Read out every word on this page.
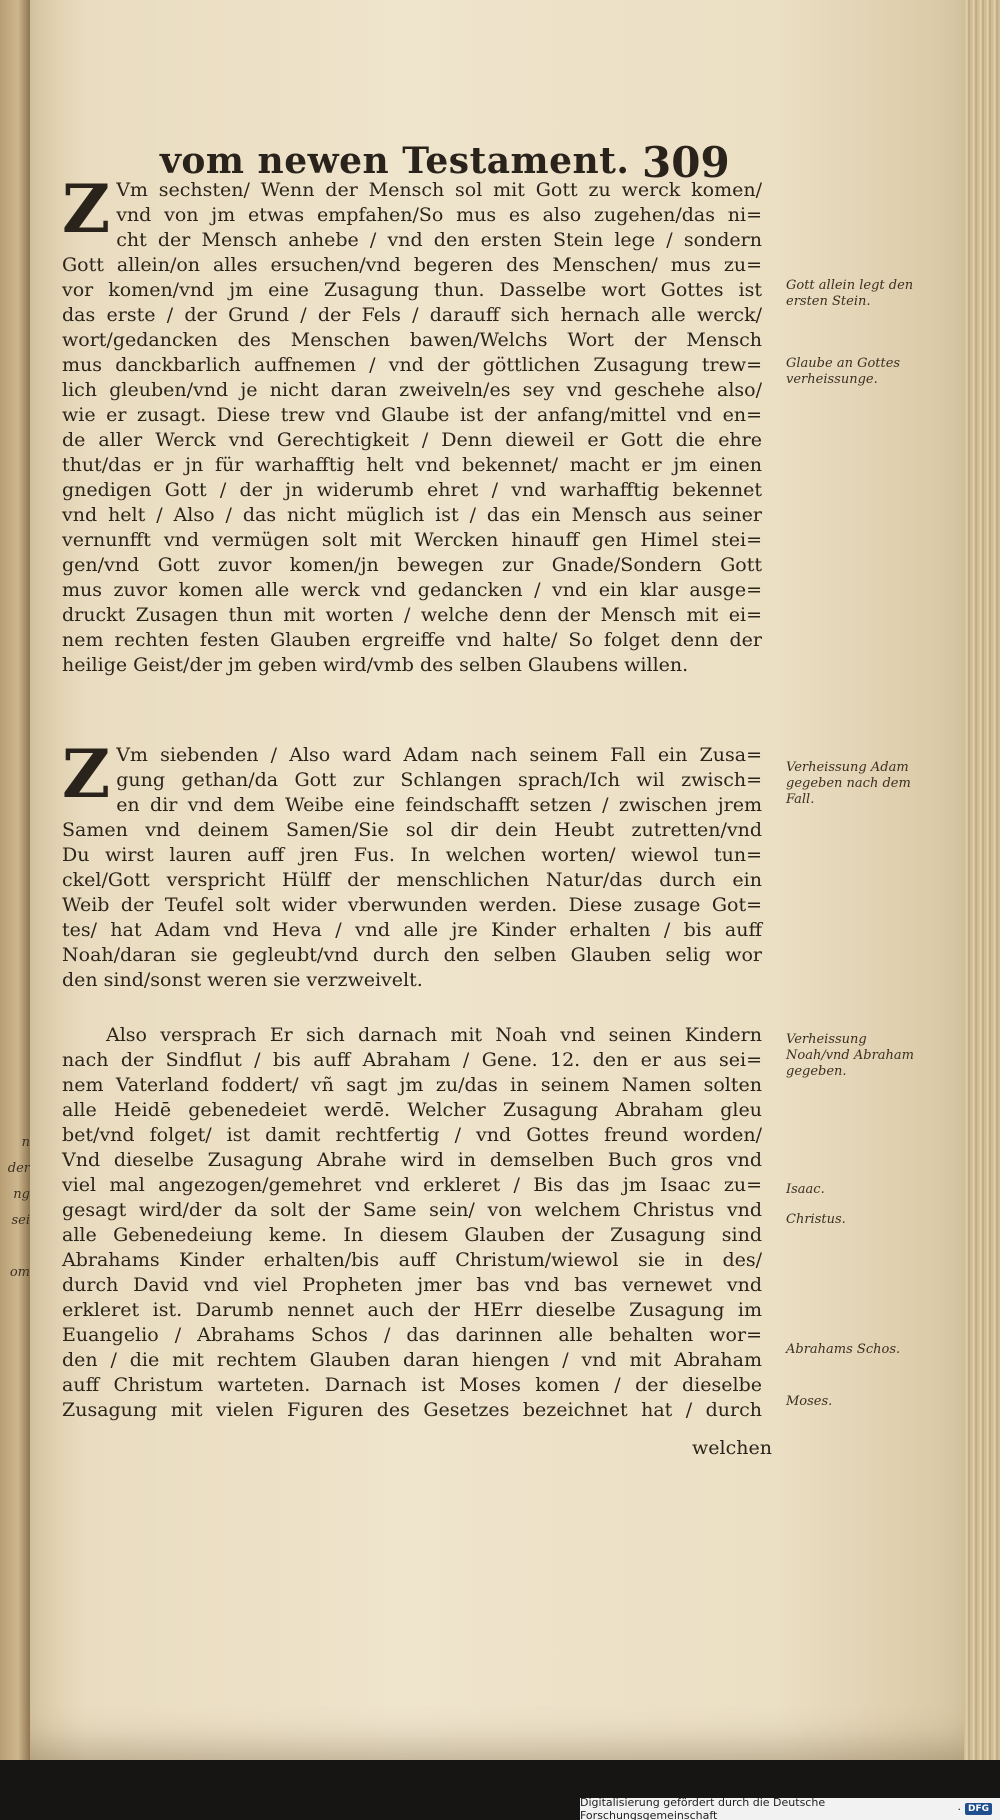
n
der
ng
sei

om
vom newen Testament. 309
Z Vm sechsten/ Wenn der Mensch sol mit Gott zu werck komen/
vnd von jm etwas empfahen/So mus es also zugehen/das ni=
cht der Mensch anhebe / vnd den ersten Stein lege / sondern
Gott allein/on alles ersuchen/vnd begeren des Menschen/ mus zu=
vor komen/vnd jm eine Zusagung thun. Dasselbe wort Gottes ist
das erste / der Grund / der Fels / darauff sich hernach alle werck/
wort/gedancken des Menschen bawen/Welchs Wort der Mensch
mus danckbarlich auffnemen / vnd der göttlichen Zusagung trew=
lich gleuben/vnd je nicht daran zweiveln/es sey vnd geschehe also/
wie er zusagt. Diese trew vnd Glaube ist der anfang/mittel vnd en=
de aller Werck vnd Gerechtigkeit / Denn dieweil er Gott die ehre
thut/das er jn für warhafftig helt vnd bekennet/ macht er jm einen
gnedigen Gott / der jn widerumb ehret / vnd warhafftig bekennet
vnd helt / Also / das nicht müglich ist / das ein Mensch aus seiner
vernunfft vnd vermügen solt mit Wercken hinauff gen Himel stei=
gen/vnd Gott zuvor komen/jn bewegen zur Gnade/Sondern Gott
mus zuvor komen alle werck vnd gedancken / vnd ein klar ausge=
druckt Zusagen thun mit worten / welche denn der Mensch mit ei=
nem rechten festen Glauben ergreiffe vnd halte/ So folget denn der
heilige Geist/der jm geben wird/vmb des selben Glaubens willen.
Z Vm siebenden / Also ward Adam nach seinem Fall ein Zusa=
gung gethan/da Gott zur Schlangen sprach/Ich wil zwisch=
en dir vnd dem Weibe eine feindschafft setzen / zwischen jrem
Samen vnd deinem Samen/Sie sol dir dein Heubt zutretten/vnd
Du wirst lauren auff jren Fus. In welchen worten/ wiewol tun=
ckel/Gott verspricht Hülff der menschlichen Natur/das durch ein
Weib der Teufel solt wider vberwunden werden. Diese zusage Got=
tes/ hat Adam vnd Heva / vnd alle jre Kinder erhalten / bis auff
Noah/daran sie gegleubt/vnd durch den selben Glauben selig wor
den sind/sonst weren sie verzweivelt.
Also versprach Er sich darnach mit Noah vnd seinen Kindern
nach der Sindflut / bis auff Abraham / Gene. 12. den er aus sei=
nem Vaterland foddert/ vñ sagt jm zu/das in seinem Namen solten
alle Heidē gebenedeiet werdē. Welcher Zusagung Abraham gleu
bet/vnd folget/ ist damit rechtfertig / vnd Gottes freund worden/
Vnd dieselbe Zusagung Abrahe wird in demselben Buch gros vnd
viel mal angezogen/gemehret vnd erkleret / Bis das jm Isaac zu=
gesagt wird/der da solt der Same sein/ von welchem Christus vnd
alle Gebenedeiung keme. In diesem Glauben der Zusagung sind
Abrahams Kinder erhalten/bis auff Christum/wiewol sie in des/
durch David vnd viel Propheten jmer bas vnd bas vernewet vnd
erkleret ist. Darumb nennet auch der HErr dieselbe Zusagung im
Euangelio / Abrahams Schos / das darinnen alle behalten wor=
den / die mit rechtem Glauben daran hiengen / vnd mit Abraham
auff Christum warteten. Darnach ist Moses komen / der dieselbe
Zusagung mit vielen Figuren des Gesetzes bezeichnet hat / durch
welchen
Gott allein legt den ersten Stein.
Glaube an Gottes verheissunge.
Verheissung Adam gegeben nach dem Fall.
Verheissung Noah/vnd Abraham gegeben.
Isaac.
Christus.
Abrahams Schos.
Moses.
Digitalisierung gefördert durch die Deutsche Forschungsgemeinschaft	· DFG
